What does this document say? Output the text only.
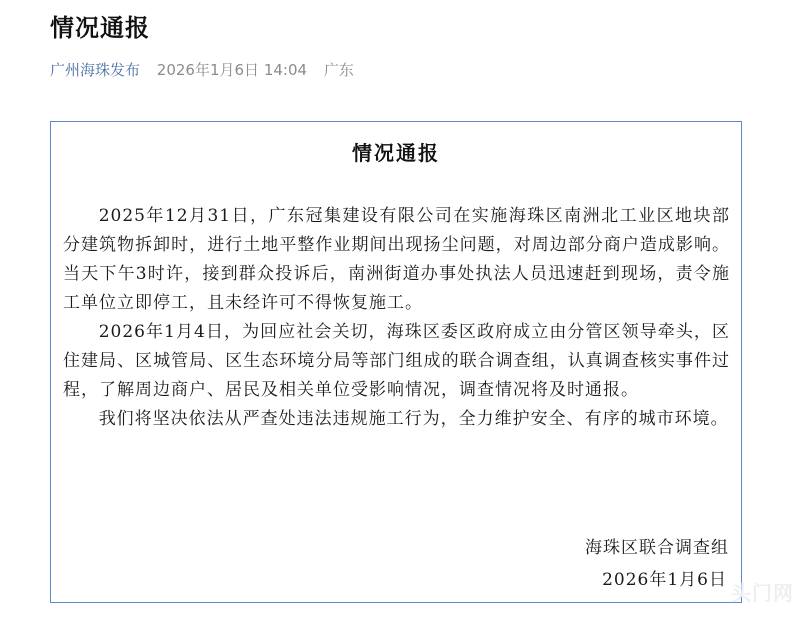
情况通报
广州海珠发布 2026年1月6日 14:04 广东
情况通报

2025年12月31日，广东冠集建设有限公司在实施海珠区南洲北工业区地块部分建筑物拆卸时，进行土地平整作业期间出现扬尘问题，对周边部分商户造成影响。当天下午3时许，接到群众投诉后，南洲街道办事处执法人员迅速赶到现场，责令施工单位立即停工，且未经许可不得恢复施工。

2026年1月4日，为回应社会关切，海珠区委区政府成立由分管区领导牵头，区住建局、区城管局、区生态环境分局等部门组成的联合调查组，认真调查核实事件过程，了解周边商户、居民及相关单位受影响情况，调查情况将及时通报。

我们将坚决依法从严查处违法违规施工行为，全力维护安全、有序的城市环境。

海珠区联合调查组
2026年1月6日
头门网
